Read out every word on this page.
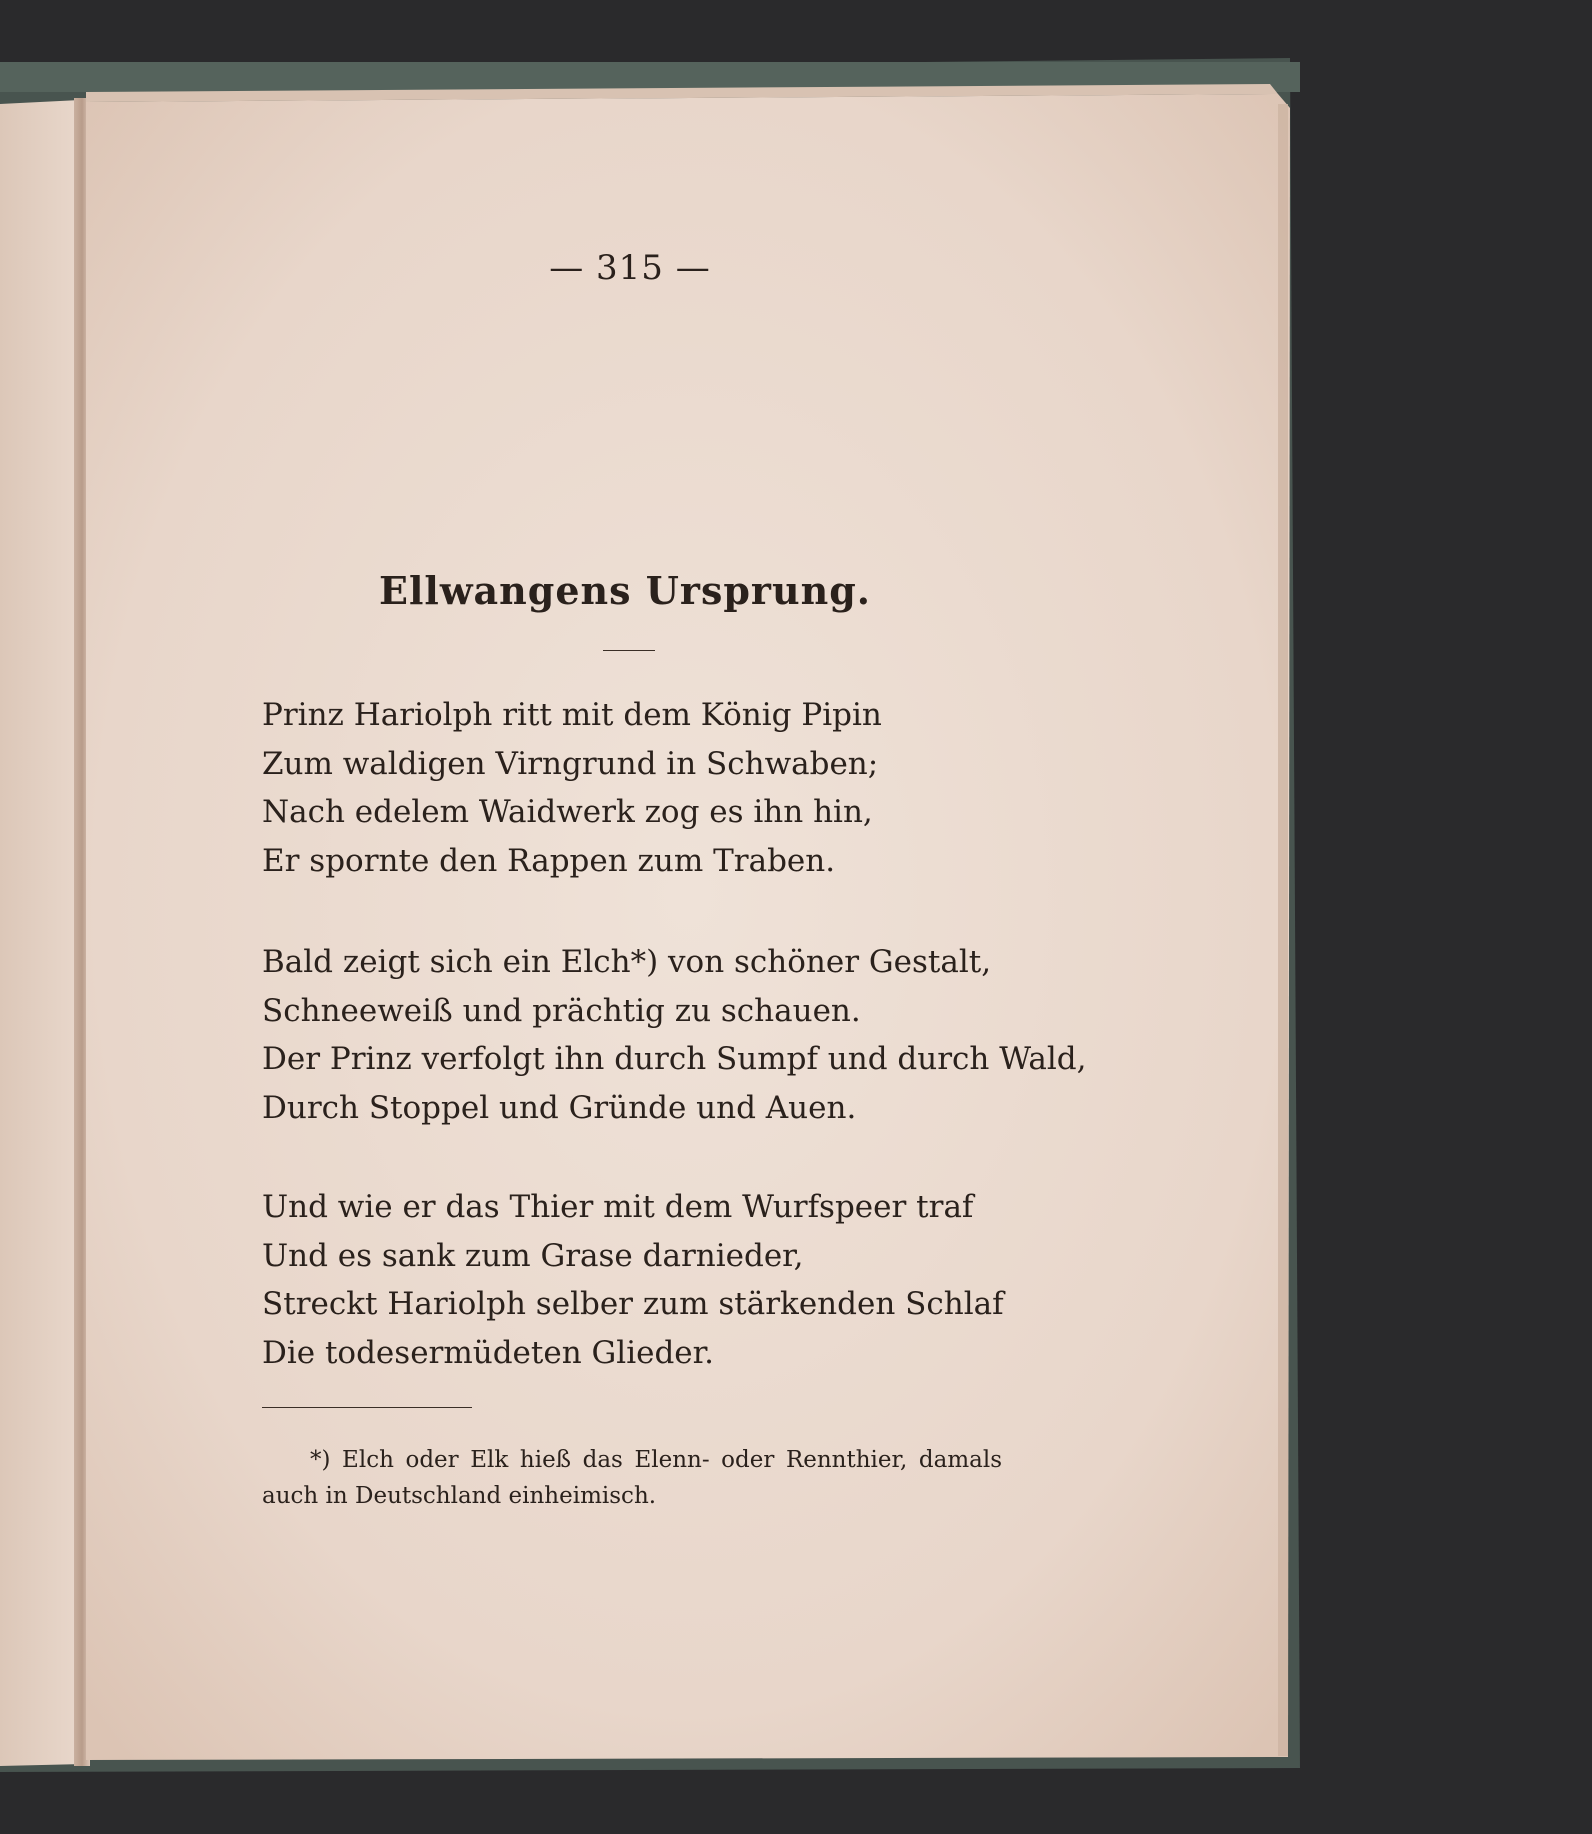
— 315 —
Ellwangens Ursprung.
Prinz Hariolph ritt mit dem König Pipin
Zum waldigen Virngrund in Schwaben;
Nach edelem Waidwerk zog es ihn hin,
Er spornte den Rappen zum Traben.
Bald zeigt sich ein Elch*) von schöner Gestalt,
Schneeweiß und prächtig zu schauen.
Der Prinz verfolgt ihn durch Sumpf und durch Wald,
Durch Stoppel und Gründe und Auen.
Und wie er das Thier mit dem Wurfspeer traf
Und es sank zum Grase darnieder,
Streckt Hariolph selber zum stärkenden Schlaf
Die todesermüdeten Glieder.
*) Elch oder Elk hieß das Elenn- oder Rennthier, damals auch in Deutschland einheimisch.
